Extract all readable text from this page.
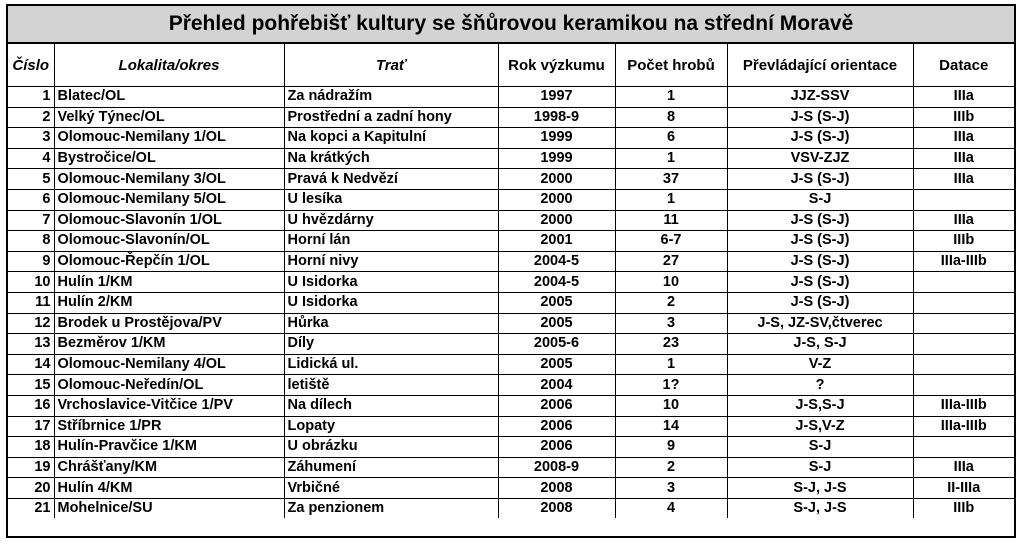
Přehled pohřebišť kultury se šňůrovou keramikou na střední Moravě
Číslo	Lokalita/okres	Trať	Rok výzkumu	Počet hrobů	Převládající orientace	Datace
1	Blatec/OL	Za nádražím	1997	1	JJZ-SSV	IIIa
2	Velký Týnec/OL	Prostřední a zadní hony	1998-9	8	J-S (S-J)	IIIb
3	Olomouc-Nemilany 1/OL	Na kopci a Kapitulní	1999	6	J-S (S-J)	IIIa
4	Bystročice/OL	Na krátkých	1999	1	VSV-ZJZ	IIIa
5	Olomouc-Nemilany 3/OL	Pravá k Nedvězí	2000	37	J-S (S-J)	IIIa
6	Olomouc-Nemilany 5/OL	U lesíka	2000	1	S-J	
7	Olomouc-Slavonín 1/OL	U hvězdárny	2000	11	J-S (S-J)	IIIa
8	Olomouc-Slavonín/OL	Horní lán	2001	6-7	J-S (S-J)	IIIb
9	Olomouc-Řepčín 1/OL	Horní nivy	2004-5	27	J-S (S-J)	IIIa-IIIb
10	Hulín 1/KM	U Isidorka	2004-5	10	J-S (S-J)	
11	Hulín 2/KM	U Isidorka	2005	2	J-S (S-J)	
12	Brodek u Prostějova/PV	Hůrka	2005	3	J-S, JZ-SV,čtverec	
13	Bezměrov 1/KM	Díly	2005-6	23	J-S, S-J	
14	Olomouc-Nemilany 4/OL	Lidická ul.	2005	1	V-Z	
15	Olomouc-Neředín/OL	letiště	2004	1?	?	
16	Vrchoslavice-Vitčice 1/PV	Na dílech	2006	10	J-S,S-J	IIIa-IIIb
17	Stříbrnice 1/PR	Lopaty	2006	14	J-S,V-Z	IIIa-IIIb
18	Hulín-Pravčice 1/KM	U obrázku	2006	9	S-J	
19	Chrášťany/KM	Záhumení	2008-9	2	S-J	IIIa
20	Hulín 4/KM	Vrbičné	2008	3	S-J, J-S	II-IIIa
21	Mohelnice/SU	Za penzionem	2008	4	S-J, J-S	IIIb
